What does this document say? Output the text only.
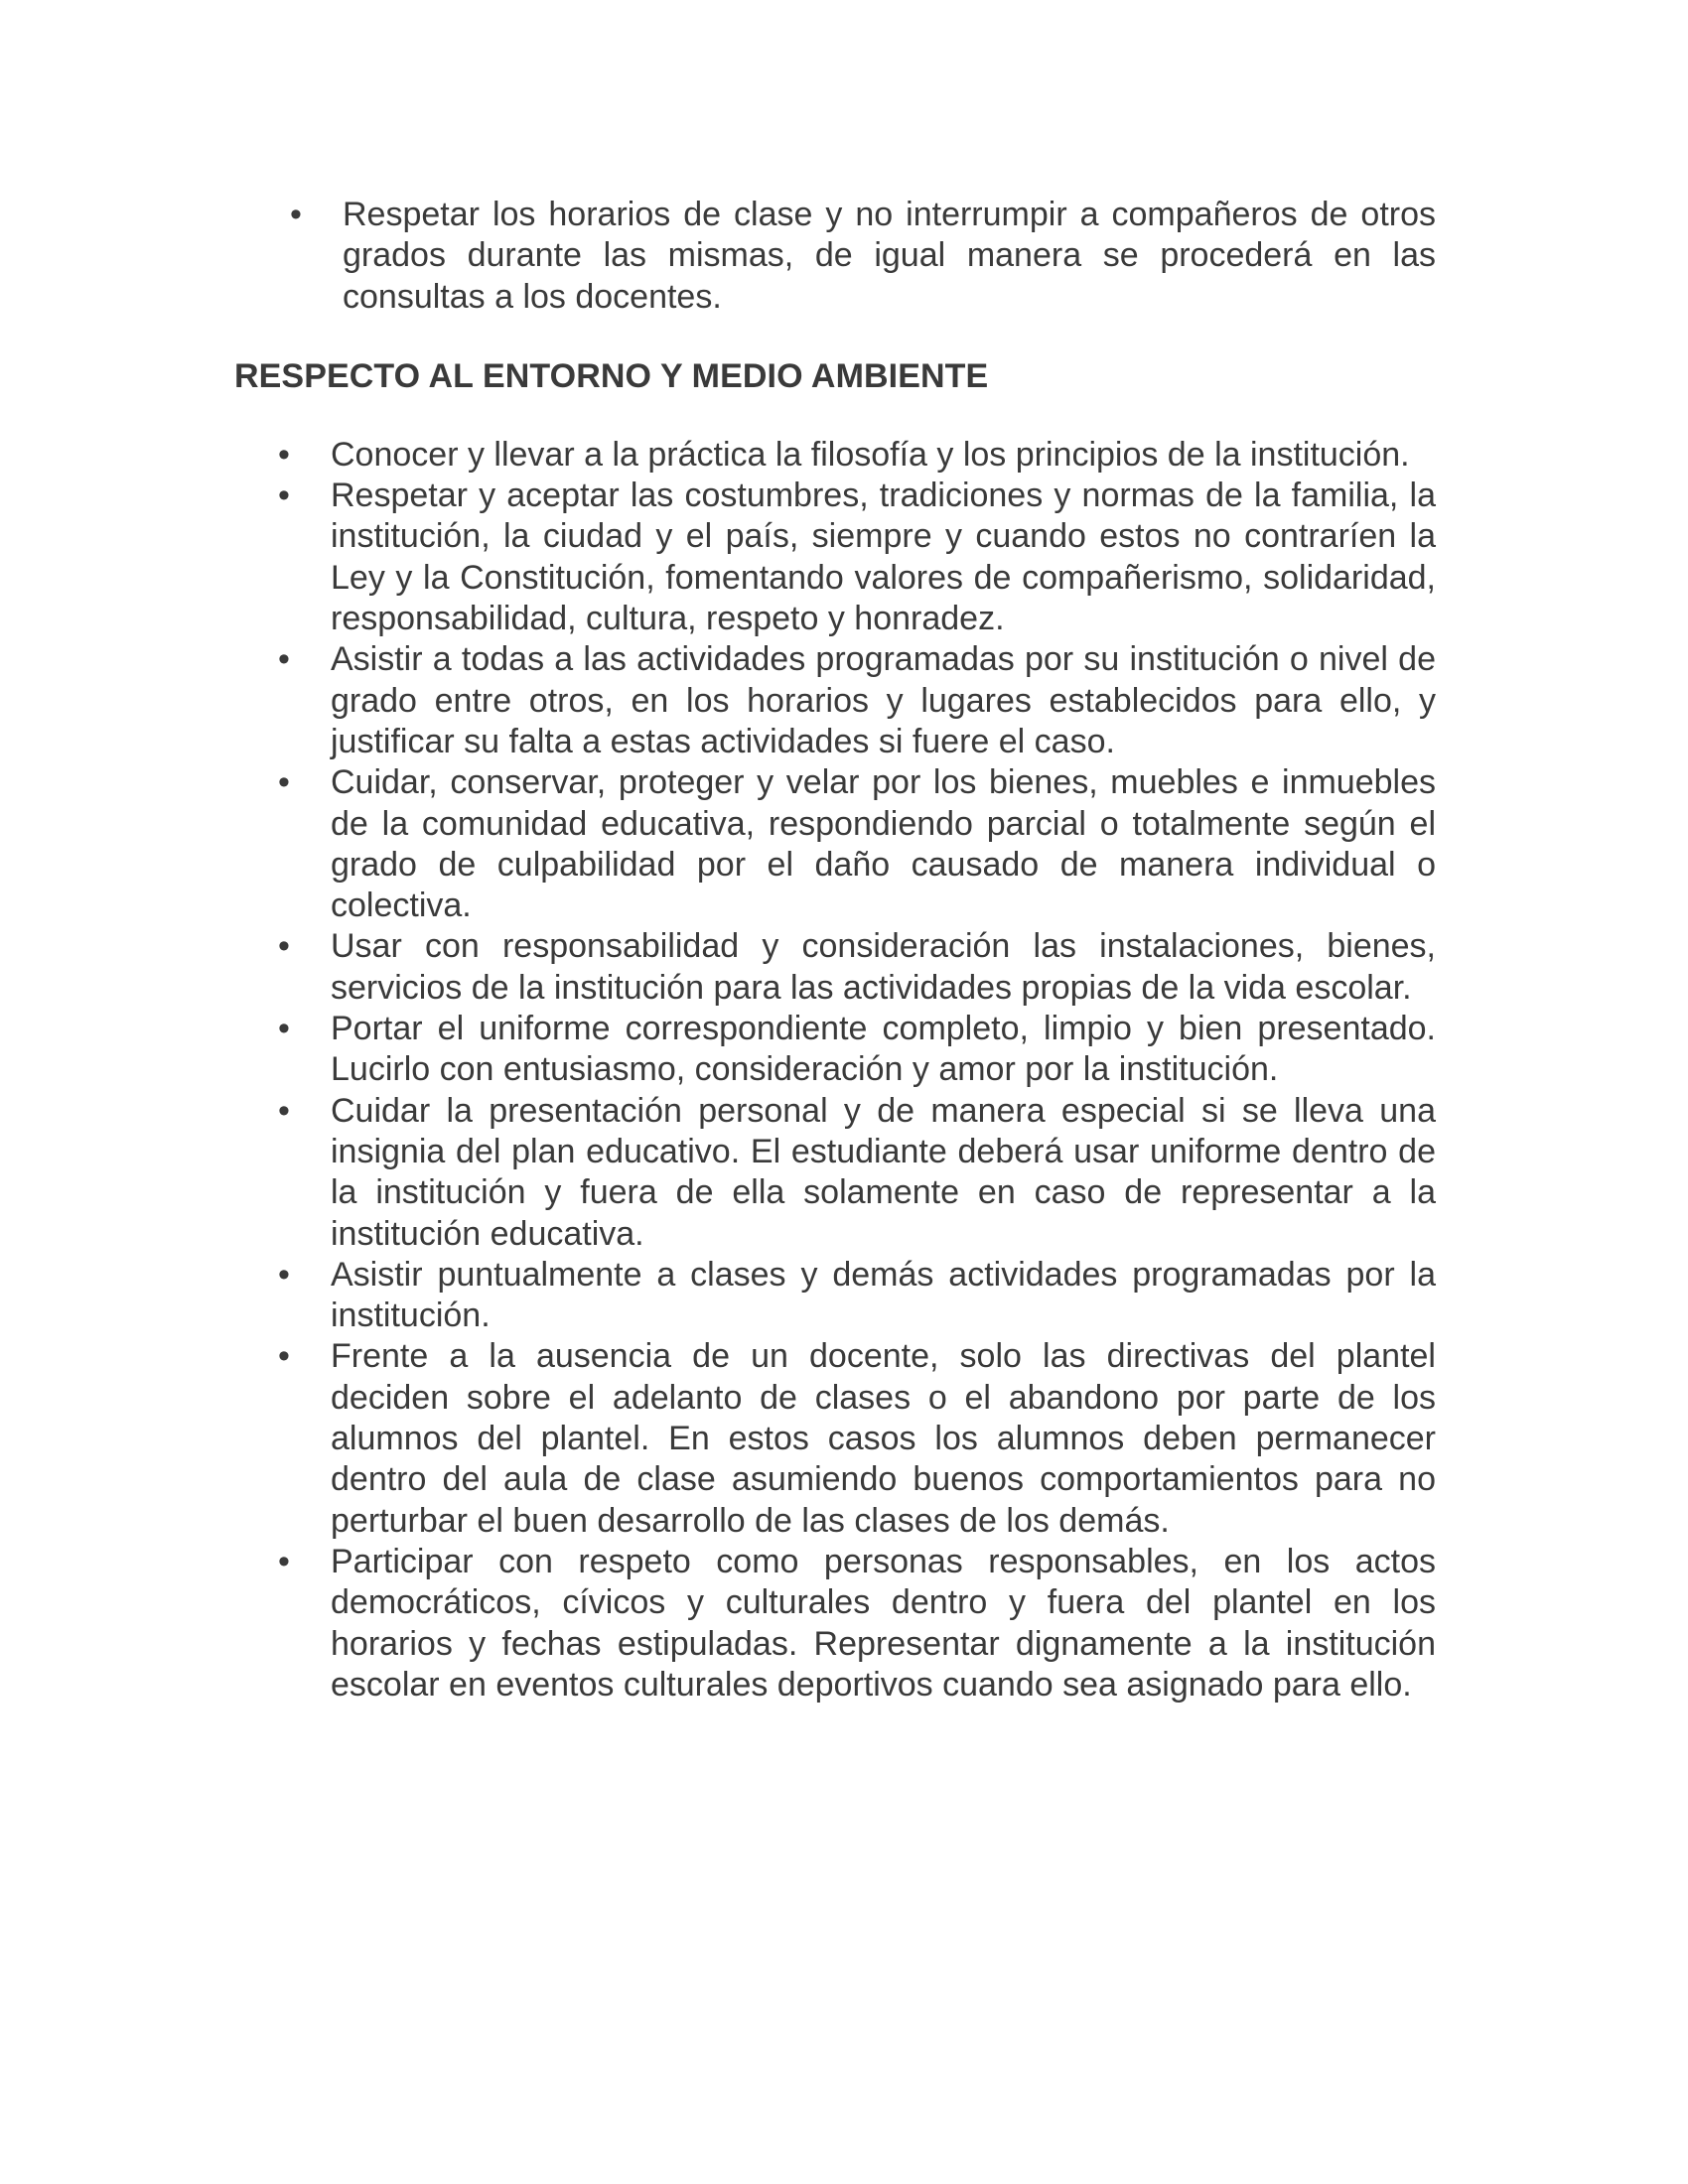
• Respetar los horarios de clase y no interrumpir a compañeros de otros grados durante las mismas, de igual manera se procederá en las consultas a los docentes.
RESPECTO AL ENTORNO Y MEDIO AMBIENTE
• Conocer y llevar a la práctica la filosofía y los principios de la institución.
• Respetar y aceptar las costumbres, tradiciones y normas de la familia, la institución, la ciudad y el país, siempre y cuando estos no contraríen la Ley y la Constitución, fomentando valores de compañerismo, solidaridad, responsabilidad, cultura, respeto y honradez.
• Asistir a todas a las actividades programadas por su institución o nivel de grado entre otros, en los horarios y lugares establecidos para ello, y justificar su falta a estas actividades si fuere el caso.
• Cuidar, conservar, proteger y velar por los bienes, muebles e inmuebles de la comunidad educativa, respondiendo parcial o totalmente según el grado de culpabilidad por el daño causado de manera individual o colectiva.
• Usar con responsabilidad y consideración las instalaciones, bienes, servicios de la institución para las actividades propias de la vida escolar.
• Portar el uniforme correspondiente completo, limpio y bien presentado. Lucirlo con entusiasmo, consideración y amor por la institución.
• Cuidar la presentación personal y de manera especial si se lleva una insignia del plan educativo. El estudiante deberá usar uniforme dentro de la institución y fuera de ella solamente en caso de representar a la institución educativa.
• Asistir puntualmente a clases y demás actividades programadas por la institución.
• Frente a la ausencia de un docente, solo las directivas del plantel deciden sobre el adelanto de clases o el abandono por parte de los alumnos del plantel. En estos casos los alumnos deben permanecer dentro del aula de clase asumiendo buenos comportamientos para no perturbar el buen desarrollo de las clases de los demás.
• Participar con respeto como personas responsables, en los actos democráticos, cívicos y culturales dentro y fuera del plantel en los horarios y fechas estipuladas. Representar dignamente a la institución escolar en eventos culturales deportivos cuando sea asignado para ello.
